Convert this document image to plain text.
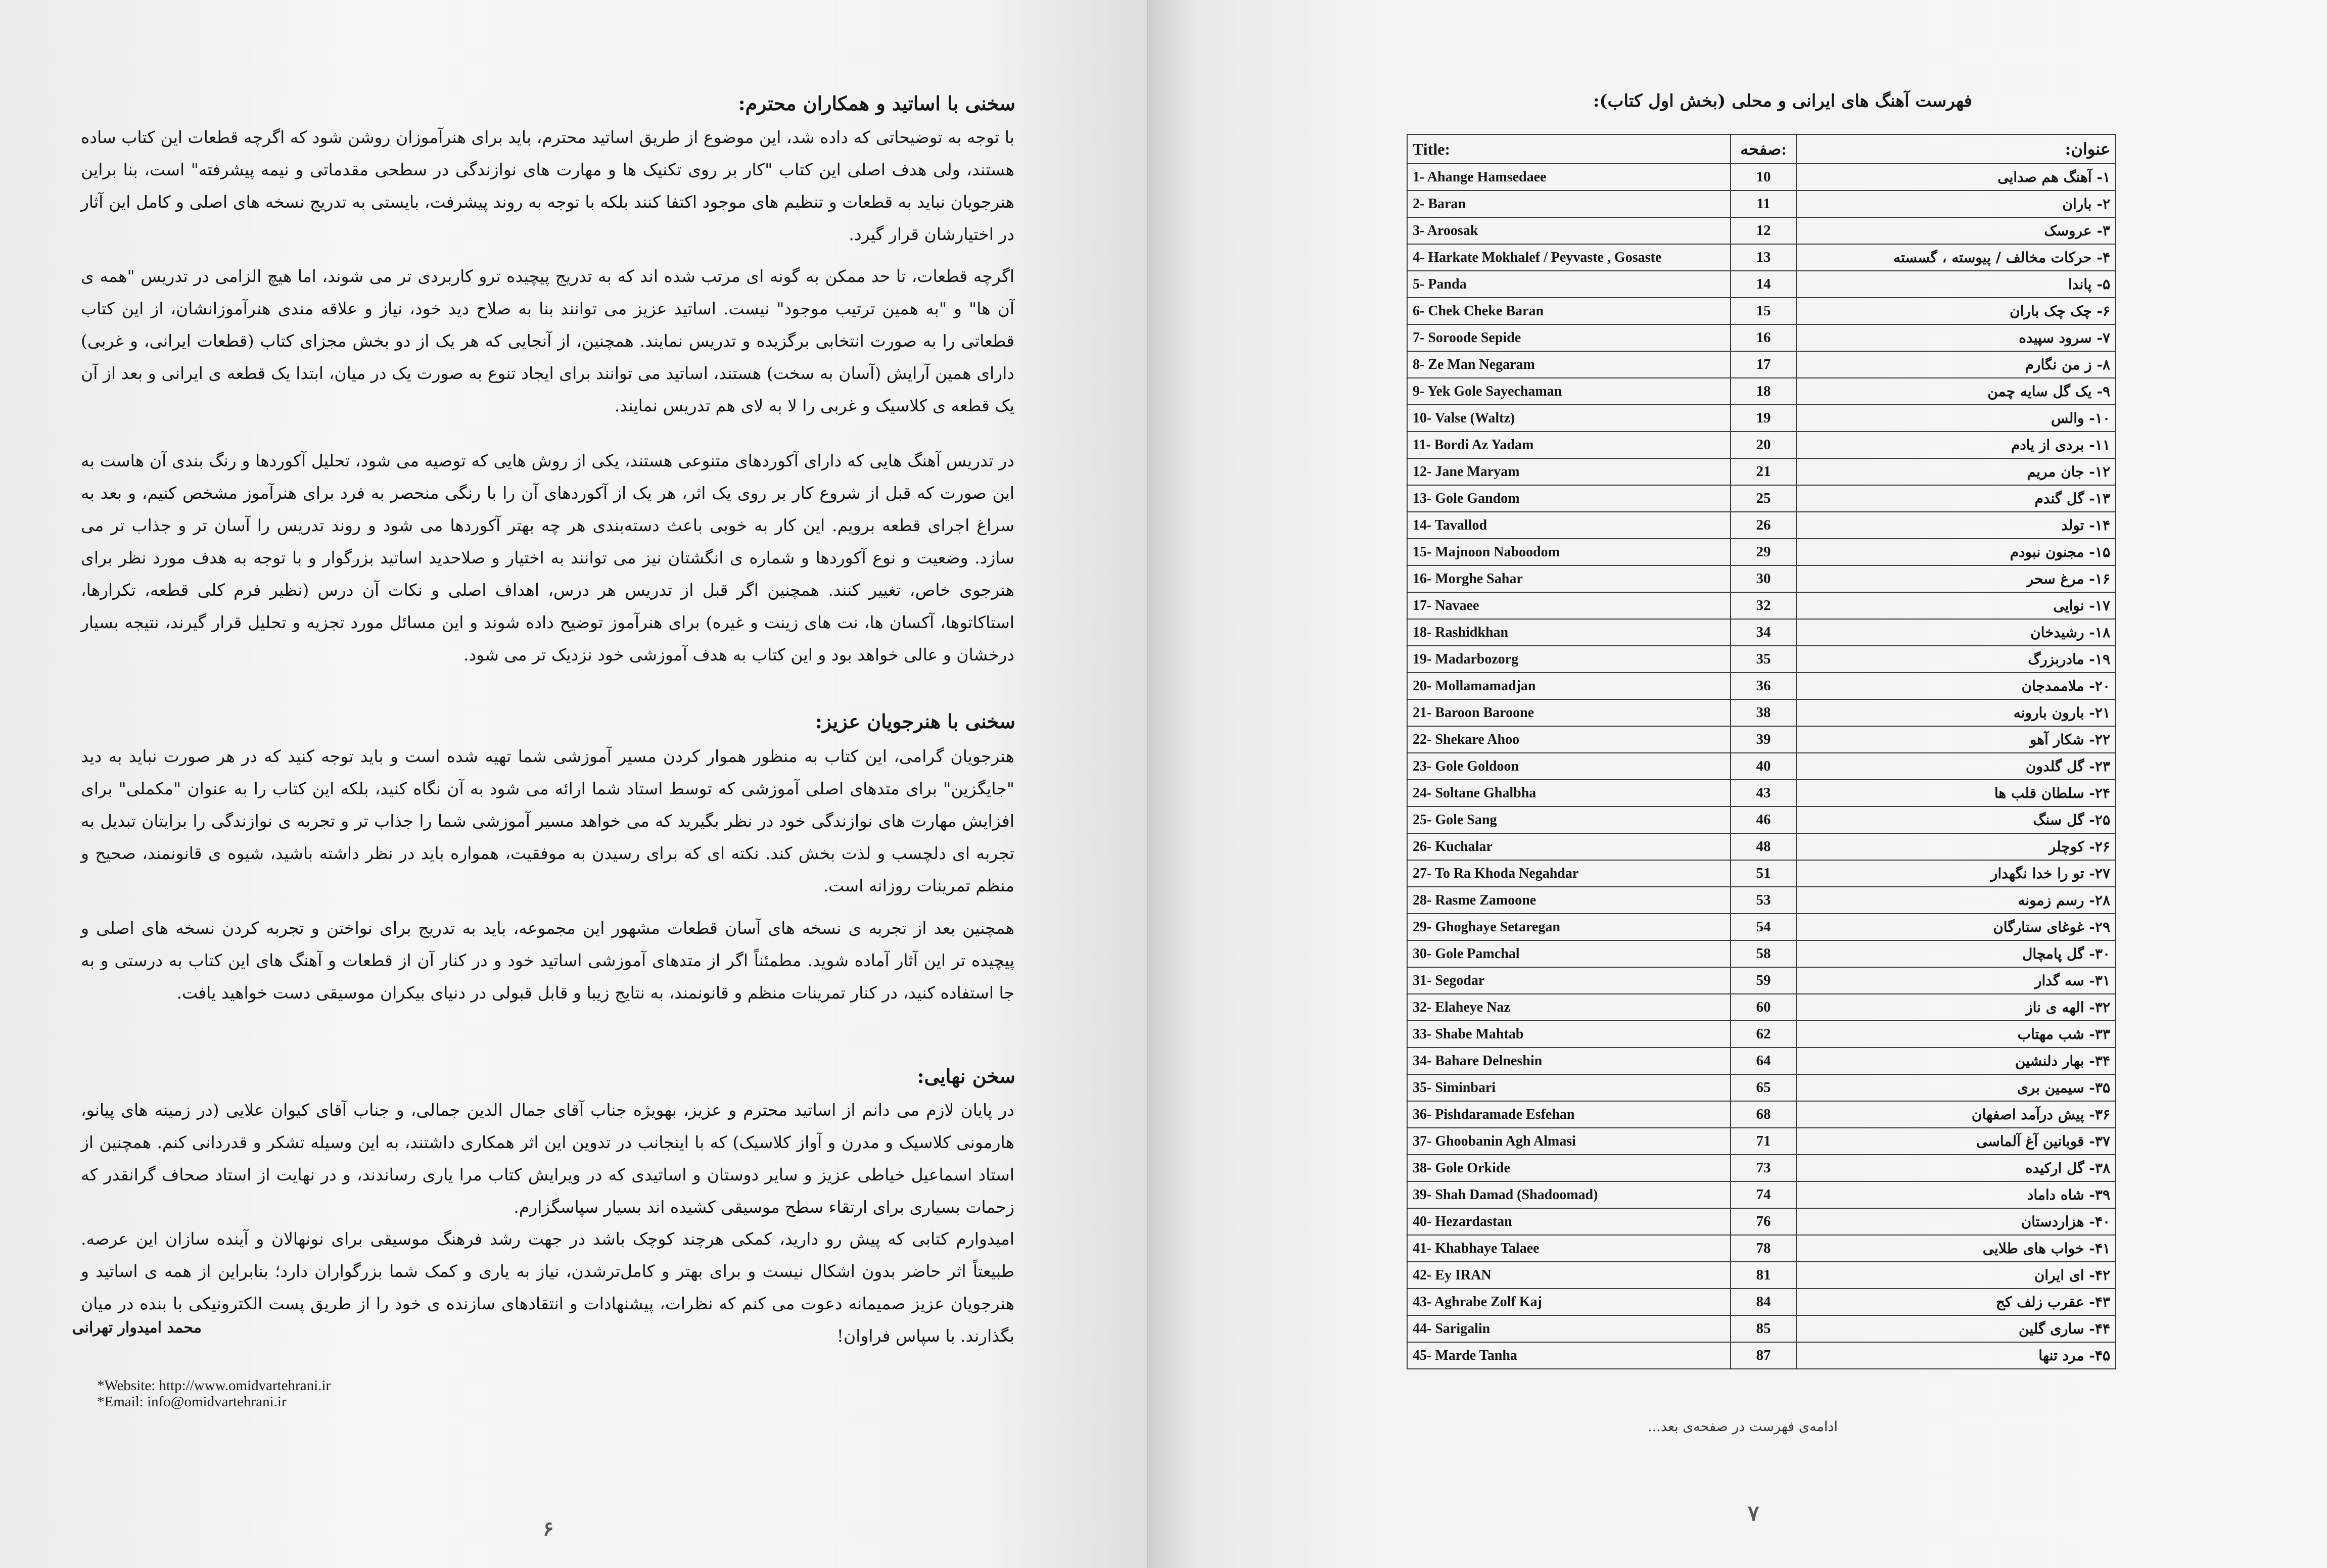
سخنی با اساتید و همکاران محترم:
با توجه به توضیحاتی که داده شد، این موضوع از طریق اساتید محترم، باید برای هنرآموزان روشن شود که اگرچه قطعات این کتاب ساده هستند، ولی هدف اصلی این کتاب "کار بر روی تکنیک ها و مهارت های نوازندگی در سطحی مقدماتی و نیمه پیشرفته" است، بنا براین هنرجویان نباید به قطعات و تنظیم های موجود اکتفا کنند بلکه با توجه به روند پیشرفت، بایستی به تدریج نسخه های اصلی و کامل این آثار در اختیارشان قرار گیرد.
اگرچه قطعات، تا حد ممکن به گونه ای مرتب شده اند که به تدریج پیچیده ترو کاربردی تر می شوند، اما هیچ الزامی در تدریس "همه ی آن ها" و "به همین ترتیب موجود" نیست. اساتید عزیز می توانند بنا به صلاح دید خود، نیاز و علاقه مندی هنرآموزانشان، از این کتاب قطعاتی را به صورت انتخابی برگزیده و تدریس نمایند. همچنین، از آنجایی که هر یک از دو بخش مجزای کتاب (قطعات ایرانی، و غربی) دارای همین آرایش (آسان به سخت) هستند، اساتید می توانند برای ایجاد تنوع به صورت یک در میان، ابتدا یک قطعه ی ایرانی و بعد از آن یک قطعه ی کلاسیک و غربی را لا به لای هم تدریس نمایند.
در تدریس آهنگ هایی که دارای آکوردهای متنوعی هستند، یکی از روش هایی که توصیه می شود، تحلیل آکوردها و رنگ بندی آن هاست به این صورت که قبل از شروع کار بر روی یک اثر، هر یک از آکوردهای آن را با رنگی منحصر به فرد برای هنرآموز مشخص کنیم، و بعد به سراغ اجرای قطعه برویم. این کار به خوبی باعث دسته‌بندی هر چه بهتر آکوردها می شود و روند تدریس را آسان تر و جذاب تر می سازد. وضعیت و نوع آکوردها و شماره ی انگشتان نیز می توانند به اختیار و صلاحدید اساتید بزرگوار و با توجه به هدف مورد نظر برای هنرجوی خاص، تغییر کنند. همچنین اگر قبل از تدریس هر درس، اهداف اصلی و نکات آن درس (نظیر فرم کلی قطعه، تکرارها، استاکاتوها، آکسان ها، نت های زینت و غیره) برای هنرآموز توضیح داده شوند و این مسائل مورد تجزیه و تحلیل قرار گیرند، نتیجه بسیار درخشان و عالی خواهد بود و این کتاب به هدف آموزشی خود نزدیک تر می شود.
سخنی با هنرجویان عزیز:
هنرجویان گرامی، این کتاب به منظور هموار کردن مسیر آموزشی شما تهیه شده است و باید توجه کنید که در هر صورت نباید به دید "جایگزین" برای متدهای اصلی آموزشی که توسط استاد شما ارائه می شود به آن نگاه کنید، بلکه این کتاب را به عنوان "مکملی" برای افزایش مهارت های نوازندگی خود در نظر بگیرید که می خواهد مسیر آموزشی شما را جذاب تر و تجربه ی نوازندگی را برایتان تبدیل به تجربه ای دلچسب و لذت بخش کند. نکته ای که برای رسیدن به موفقیت، همواره باید در نظر داشته باشید، شیوه ی قانونمند، صحیح و منظم تمرینات روزانه است.
همچنین بعد از تجربه ی نسخه های آسان قطعات مشهور این مجموعه، باید به تدریج برای نواختن و تجربه کردن نسخه های اصلی و پیچیده تر این آثار آماده شوید. مطمئناً اگر از متدهای آموزشی اساتید خود و در کنار آن از قطعات و آهنگ های این کتاب به درستی و به جا استفاده کنید، در کنار تمرینات منظم و قانونمند، به نتایج زیبا و قابل قبولی در دنیای بیکران موسیقی دست خواهید یافت.
سخن نهایی:
در پایان لازم می دانم از اساتید محترم و عزیز، بهویژه جناب آقای جمال الدین جمالی، و جناب آقای کیوان علایی (در زمینه های پیانو، هارمونی کلاسیک و مدرن و آواز کلاسیک) که با اینجانب در تدوین این اثر همکاری داشتند، به این وسیله تشکر و قدردانی کنم. همچنین از استاد اسماعیل خیاطی عزیز و سایر دوستان و اساتیدی که در ویرایش کتاب مرا یاری رساندند، و در نهایت از استاد صحاف گرانقدر که زحمات بسیاری برای ارتقاء سطح موسیقی کشیده اند بسیار سپاسگزارم.
امیدوارم کتابی که پیش رو دارید، کمکی هرچند کوچک باشد در جهت رشد فرهنگ موسیقی برای نونهالان و آینده سازان این عرصه. طبیعتاً اثر حاضر بدون اشکال نیست و برای بهتر و کامل‌ترشدن، نیاز به یاری و کمک شما بزرگواران دارد؛ بنابراین از همه ی اساتید و هنرجویان عزیز صمیمانه دعوت می کنم که نظرات، پیشنهادات و انتقادهای سازنده ی خود را از طریق پست الکترونیکی با بنده در میان بگذارند. با سپاس فراوان!
محمد امیدوار تهرانی
*Website: http://www.omidvartehrani.ir
*Email: info@omidvartehrani.ir
۶
فهرست آهنگ های ایرانی و محلی (بخش اول کتاب):
Title:	صفحه:	عنوان:
1- Ahange Hamsedaee	10	۱- آهنگ هم صدایی
2- Baran	11	۲- باران
3- Aroosak	12	۳- عروسک
4- Harkate Mokhalef / Peyvaste , Gosaste	13	۴- حرکات مخالف / پیوسته ، گسسته
5- Panda	14	۵- پاندا
6- Chek Cheke Baran	15	۶- چک چک باران
7- Soroode Sepide	16	۷- سرود سپیده
8- Ze Man Negaram	17	۸- ز من نگارم
9- Yek Gole Sayechaman	18	۹- یک گل سایه چمن
10- Valse (Waltz)	19	۱۰- والس
11- Bordi Az Yadam	20	۱۱- بردی از یادم
12- Jane Maryam	21	۱۲- جان مریم
13- Gole Gandom	25	۱۳- گل گندم
14- Tavallod	26	۱۴- تولد
15- Majnoon Naboodom	29	۱۵- مجنون نبودم
16- Morghe Sahar	30	۱۶- مرغ سحر
17- Navaee	32	۱۷- نوایی
18- Rashidkhan	34	۱۸- رشیدخان
19- Madarbozorg	35	۱۹- مادربزرگ
20- Mollamamadjan	36	۲۰- ملاممدجان
21- Baroon Baroone	38	۲۱- بارون بارونه
22- Shekare Ahoo	39	۲۲- شکار آهو
23- Gole Goldoon	40	۲۳- گل گلدون
24- Soltane Ghalbha	43	۲۴- سلطان قلب ها
25- Gole Sang	46	۲۵- گل سنگ
26- Kuchalar	48	۲۶- کوچلر
27- To Ra Khoda Negahdar	51	۲۷- تو را خدا نگهدار
28- Rasme Zamoone	53	۲۸- رسم زمونه
29- Ghoghaye Setaregan	54	۲۹- غوغای ستارگان
30- Gole Pamchal	58	۳۰- گل پامچال
31- Segodar	59	۳۱- سه گدار
32- Elaheye Naz	60	۳۲- الهه ی ناز
33- Shabe Mahtab	62	۳۳- شب مهتاب
34- Bahare Delneshin	64	۳۴- بهار دلنشین
35- Siminbari	65	۳۵- سیمین بری
36- Pishdaramade Esfehan	68	۳۶- پیش درآمد اصفهان
37- Ghoobanin Agh Almasi	71	۳۷- قوبانین آغ آلماسی
38- Gole Orkide	73	۳۸- گل ارکیده
39- Shah Damad (Shadoomad)	74	۳۹- شاه داماد
40- Hezardastan	76	۴۰- هزاردستان
41- Khabhaye Talaee	78	۴۱- خواب های طلایی
42- Ey IRAN	81	۴۲- ای ایران
43- Aghrabe Zolf Kaj	84	۴۳- عقرب زلف کج
44- Sarigalin	85	۴۴- ساری گلین
45- Marde Tanha	87	۴۵- مرد تنها
ادامه‌ی فهرست در صفحه‌ی بعد...
۷
